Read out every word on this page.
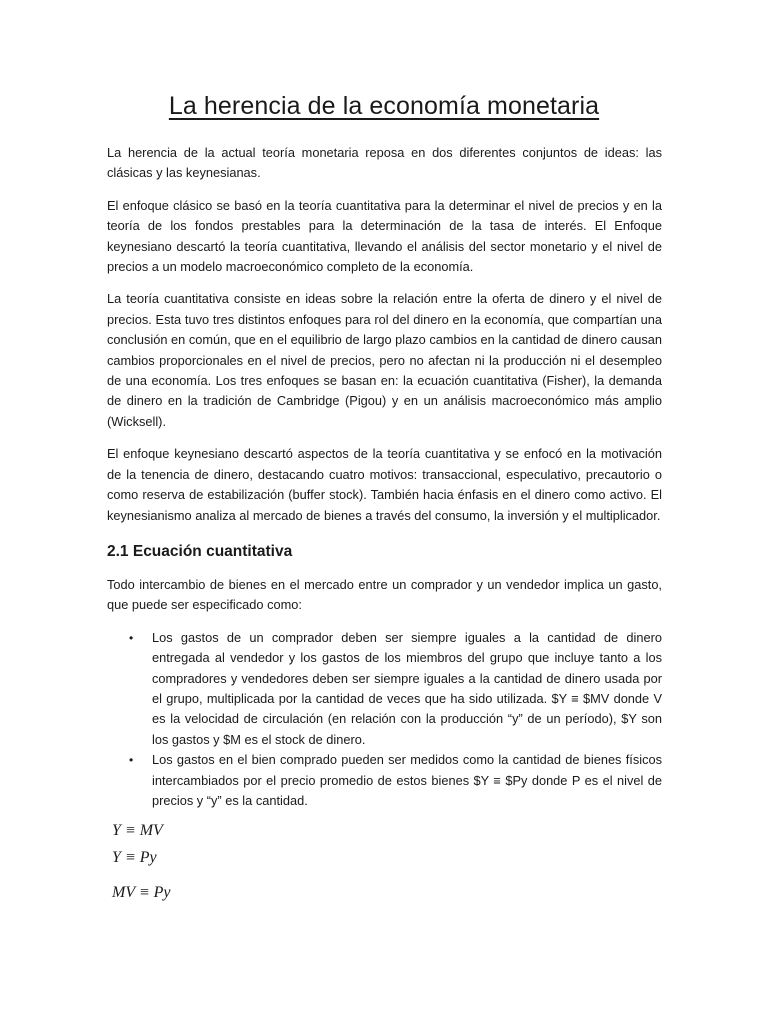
La herencia de la economía monetaria

La herencia de la actual teoría monetaria reposa en dos diferentes conjuntos de ideas: las clásicas y las keynesianas.

El enfoque clásico se basó en la teoría cuantitativa para la determinar el nivel de precios y en la teoría de los fondos prestables para la determinación de la tasa de interés. El Enfoque keynesiano descartó la teoría cuantitativa, llevando el análisis del sector monetario y el nivel de precios a un modelo macroeconómico completo de la economía.

La teoría cuantitativa consiste en ideas sobre la relación entre la oferta de dinero y el nivel de precios. Esta tuvo tres distintos enfoques para rol del dinero en la economía, que compartían una conclusión en común, que en el equilibrio de largo plazo cambios en la cantidad de dinero causan cambios proporcionales en el nivel de precios, pero no afectan ni la producción ni el desempleo de una economía. Los tres enfoques se basan en: la ecuación cuantitativa (Fisher), la demanda de dinero en la tradición de Cambridge (Pigou) y en un análisis macroeconómico más amplio (Wicksell).

El enfoque keynesiano descartó aspectos de la teoría cuantitativa y se enfocó en la motivación de la tenencia de dinero, destacando cuatro motivos: transaccional, especulativo, precautorio o como reserva de estabilización (buffer stock). También hacia énfasis en el dinero como activo. El keynesianismo analiza al mercado de bienes a través del consumo, la inversión y el multiplicador.

2.1 Ecuación cuantitativa

Todo intercambio de bienes en el mercado entre un comprador y un vendedor implica un gasto, que puede ser especificado como:

• Los gastos de un comprador deben ser siempre iguales a la cantidad de dinero entregada al vendedor y los gastos de los miembros del grupo que incluye tanto a los compradores y vendedores deben ser siempre iguales a la cantidad de dinero usada por el grupo, multiplicada por la cantidad de veces que ha sido utilizada. $Y ≡ $MV donde V es la velocidad de circulación (en relación con la producción “y” de un período), $Y son los gastos y $M es el stock de dinero.
• Los gastos en el bien comprado pueden ser medidos como la cantidad de bienes físicos intercambiados por el precio promedio de estos bienes $Y ≡ $Py donde P es el nivel de precios y “y” es la cantidad.
Y ≡ MV
Y ≡ Py
MV ≡ Py
